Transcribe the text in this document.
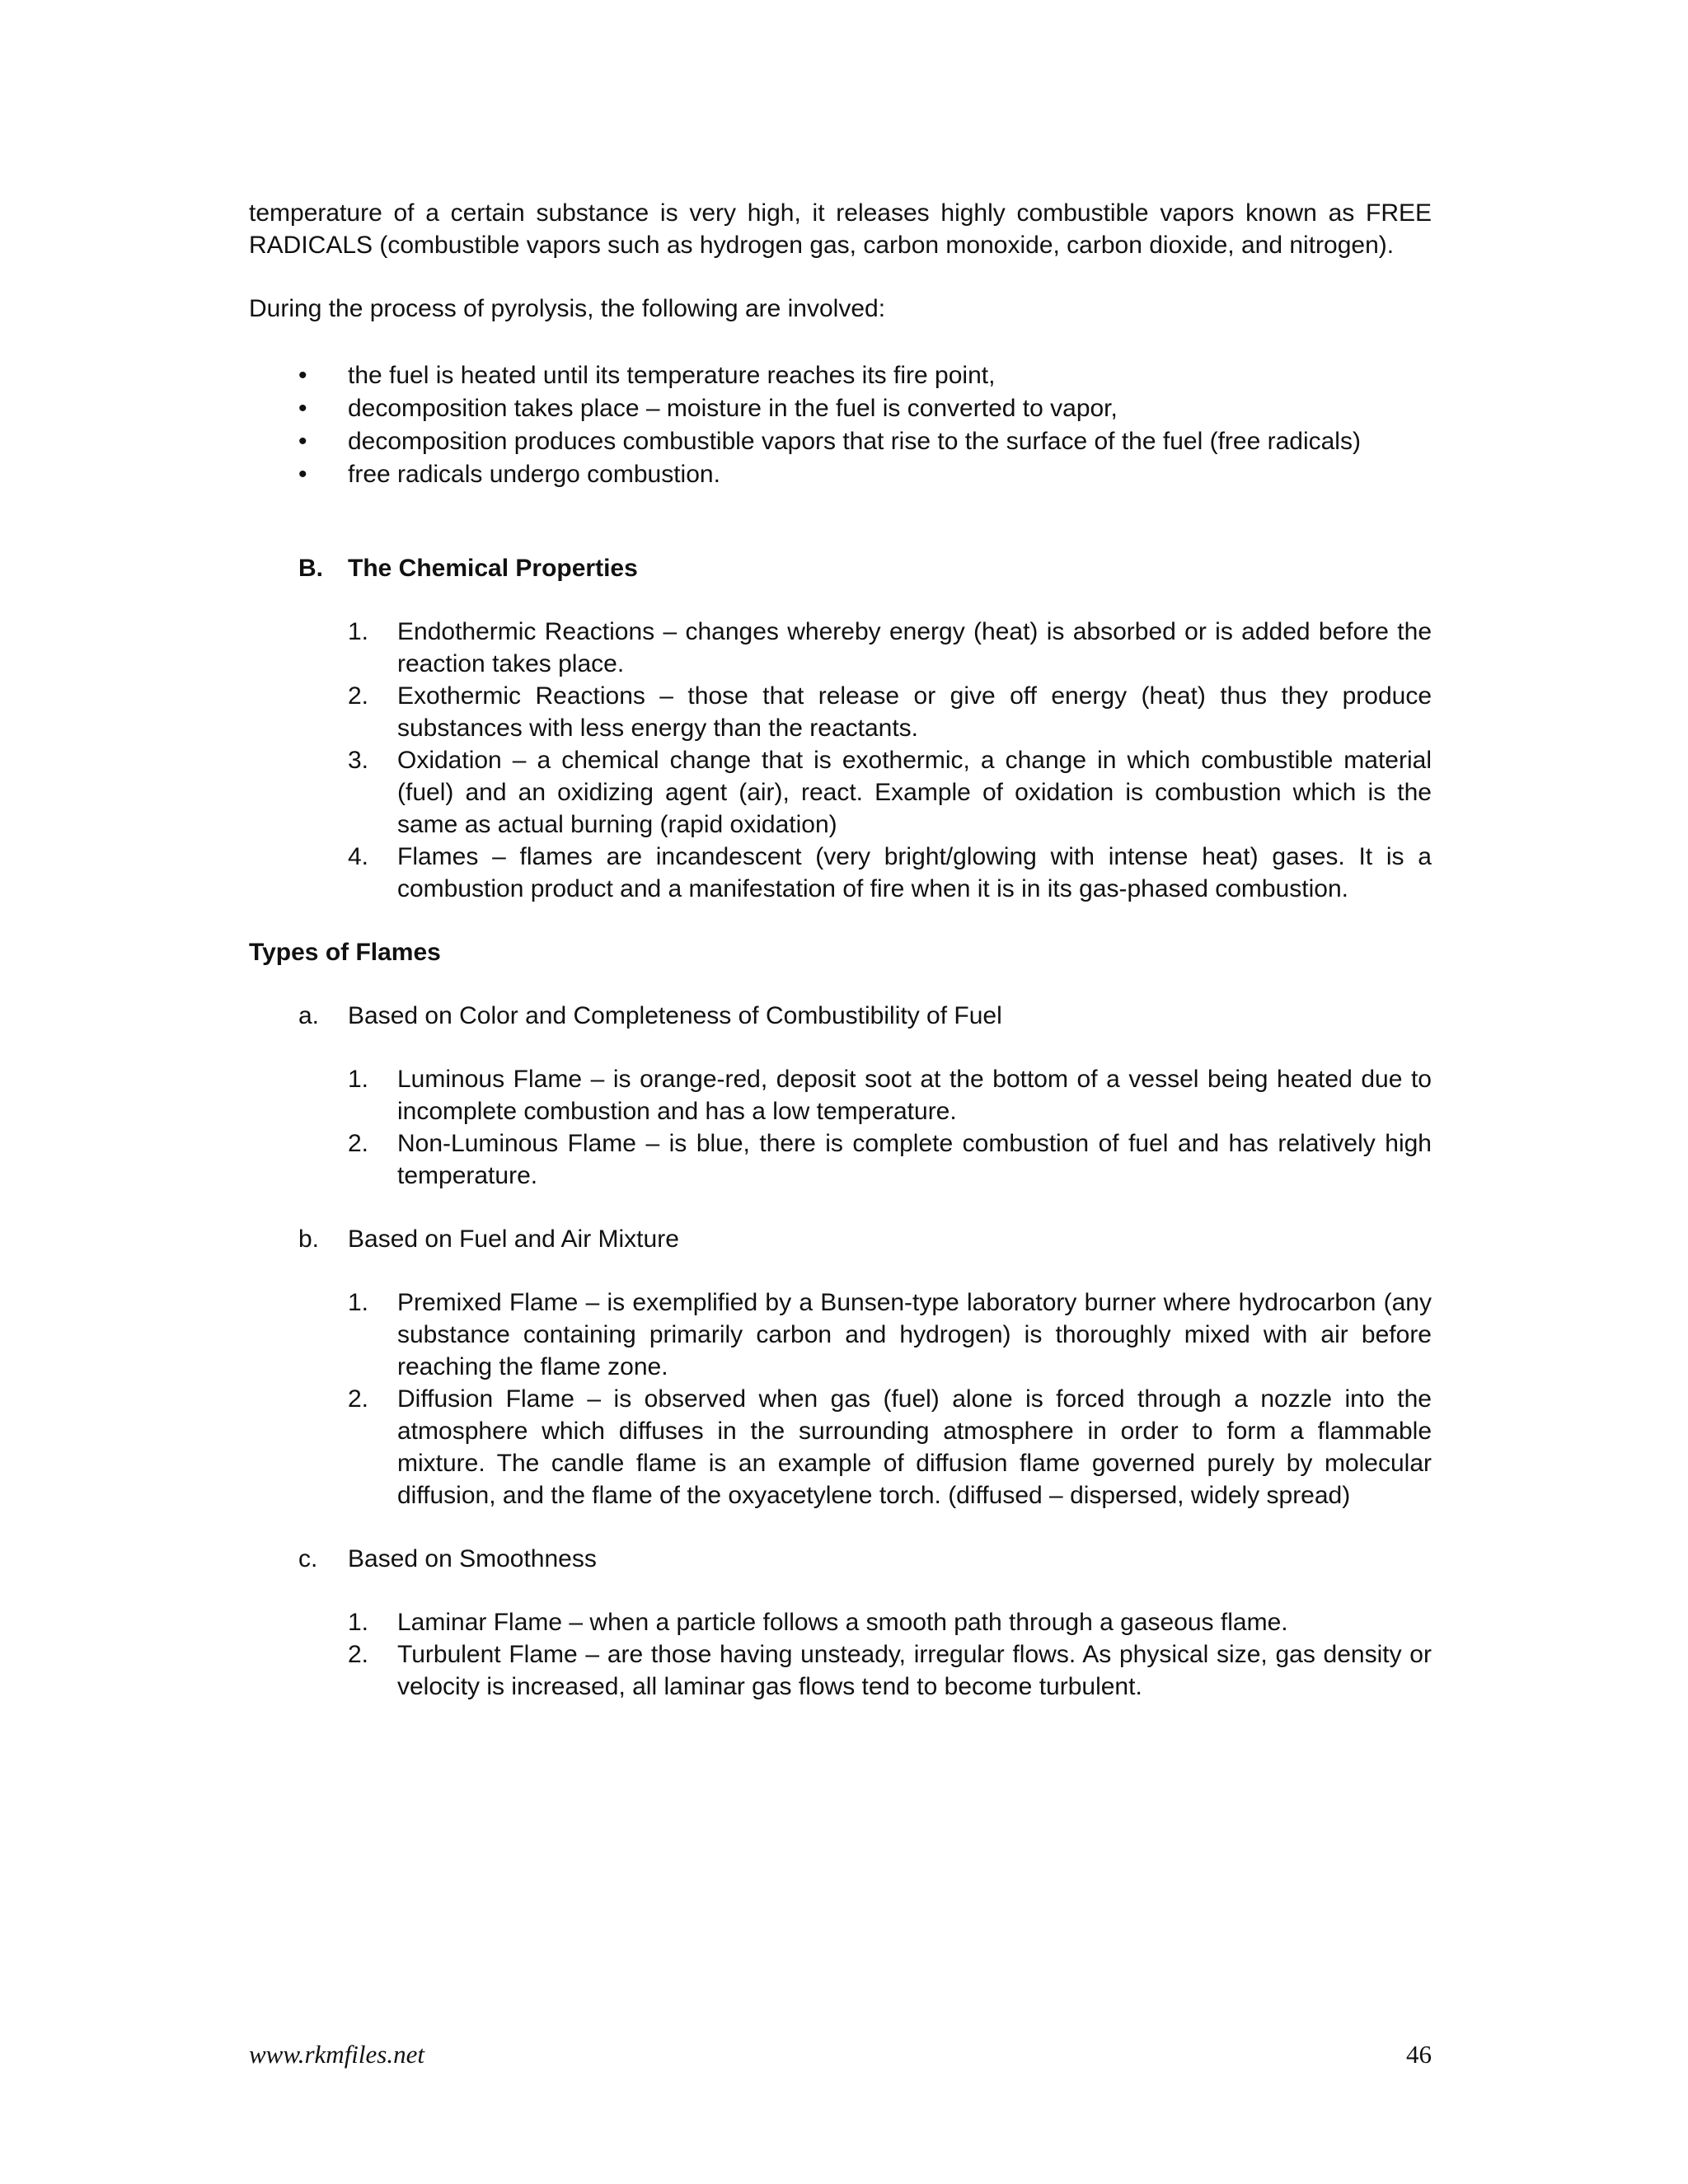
temperature of a certain substance is very high, it releases highly combustible vapors known as FREE RADICALS (combustible vapors such as hydrogen gas, carbon monoxide, carbon dioxide, and nitrogen).

During the process of pyrolysis, the following are involved:

• the fuel is heated until its temperature reaches its fire point,
• decomposition takes place – moisture in the fuel is converted to vapor,
• decomposition produces combustible vapors that rise to the surface of the fuel (free radicals)
• free radicals undergo combustion.
B. The Chemical Properties
1. Endothermic Reactions – changes whereby energy (heat) is absorbed or is added before the reaction takes place.
2. Exothermic Reactions – those that release or give off energy (heat) thus they produce substances with less energy than the reactants.
3. Oxidation – a chemical change that is exothermic, a change in which combustible material (fuel) and an oxidizing agent (air), react. Example of oxidation is combustion which is the same as actual burning (rapid oxidation)
4. Flames – flames are incandescent (very bright/glowing with intense heat) gases. It is a combustion product and a manifestation of fire when it is in its gas-phased combustion.

Types of Flames

a. Based on Color and Completeness of Combustibility of Fuel
1. Luminous Flame – is orange-red, deposit soot at the bottom of a vessel being heated due to incomplete combustion and has a low temperature.
2. Non-Luminous Flame – is blue, there is complete combustion of fuel and has relatively high temperature.
b. Based on Fuel and Air Mixture
1. Premixed Flame – is exemplified by a Bunsen-type laboratory burner where hydrocarbon (any substance containing primarily carbon and hydrogen) is thoroughly mixed with air before reaching the flame zone.
2. Diffusion Flame – is observed when gas (fuel) alone is forced through a nozzle into the atmosphere which diffuses in the surrounding atmosphere in order to form a flammable mixture. The candle flame is an example of diffusion flame governed purely by molecular diffusion, and the flame of the oxyacetylene torch. (diffused – dispersed, widely spread)
c. Based on Smoothness
1. Laminar Flame – when a particle follows a smooth path through a gaseous flame.
2. Turbulent Flame – are those having unsteady, irregular flows. As physical size, gas density or velocity is increased, all laminar gas flows tend to become turbulent.
www.rkmfiles.net	46
